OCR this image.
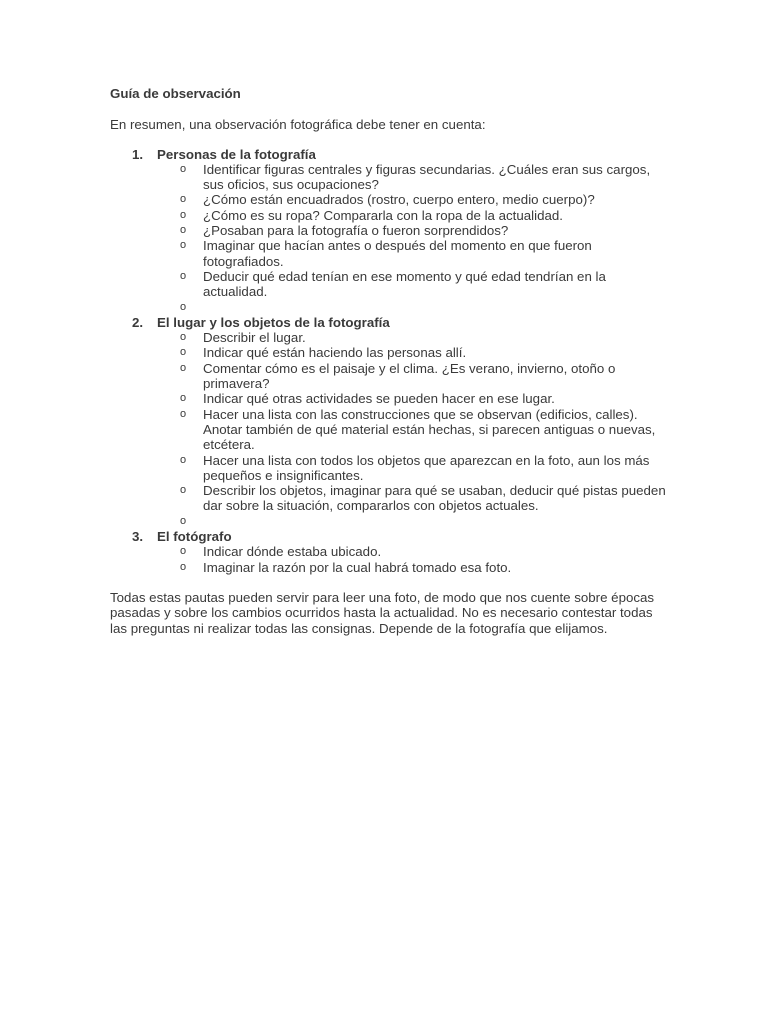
Guía de observación

En resumen, una observación fotográfica debe tener en cuenta:

1. Personas de la fotografía
o Identificar figuras centrales y figuras secundarias. ¿Cuáles eran sus cargos, sus oficios, sus ocupaciones?
o ¿Cómo están encuadrados (rostro, cuerpo entero, medio cuerpo)?
o ¿Cómo es su ropa? Compararla con la ropa de la actualidad.
o ¿Posaban para la fotografía o fueron sorprendidos?
o Imaginar que hacían antes o después del momento en que fueron fotografiados.
o Deducir qué edad tenían en ese momento y qué edad tendrían en la actualidad.
o
2. El lugar y los objetos de la fotografía
o Describir el lugar.
o Indicar qué están haciendo las personas allí.
o Comentar cómo es el paisaje y el clima. ¿Es verano, invierno, otoño o primavera?
o Indicar qué otras actividades se pueden hacer en ese lugar.
o Hacer una lista con las construcciones que se observan (edificios, calles). Anotar también de qué material están hechas, si parecen antiguas o nuevas, etcétera.
o Hacer una lista con todos los objetos que aparezcan en la foto, aun los más pequeños e insignificantes.
o Describir los objetos, imaginar para qué se usaban, deducir qué pistas pueden dar sobre la situación, compararlos con objetos actuales.
o
3. El fotógrafo
o Indicar dónde estaba ubicado.
o Imaginar la razón por la cual habrá tomado esa foto.

Todas estas pautas pueden servir para leer una foto, de modo que nos cuente sobre épocas pasadas y sobre los cambios ocurridos hasta la actualidad. No es necesario contestar todas las preguntas ni realizar todas las consignas. Depende de la fotografía que elijamos.
